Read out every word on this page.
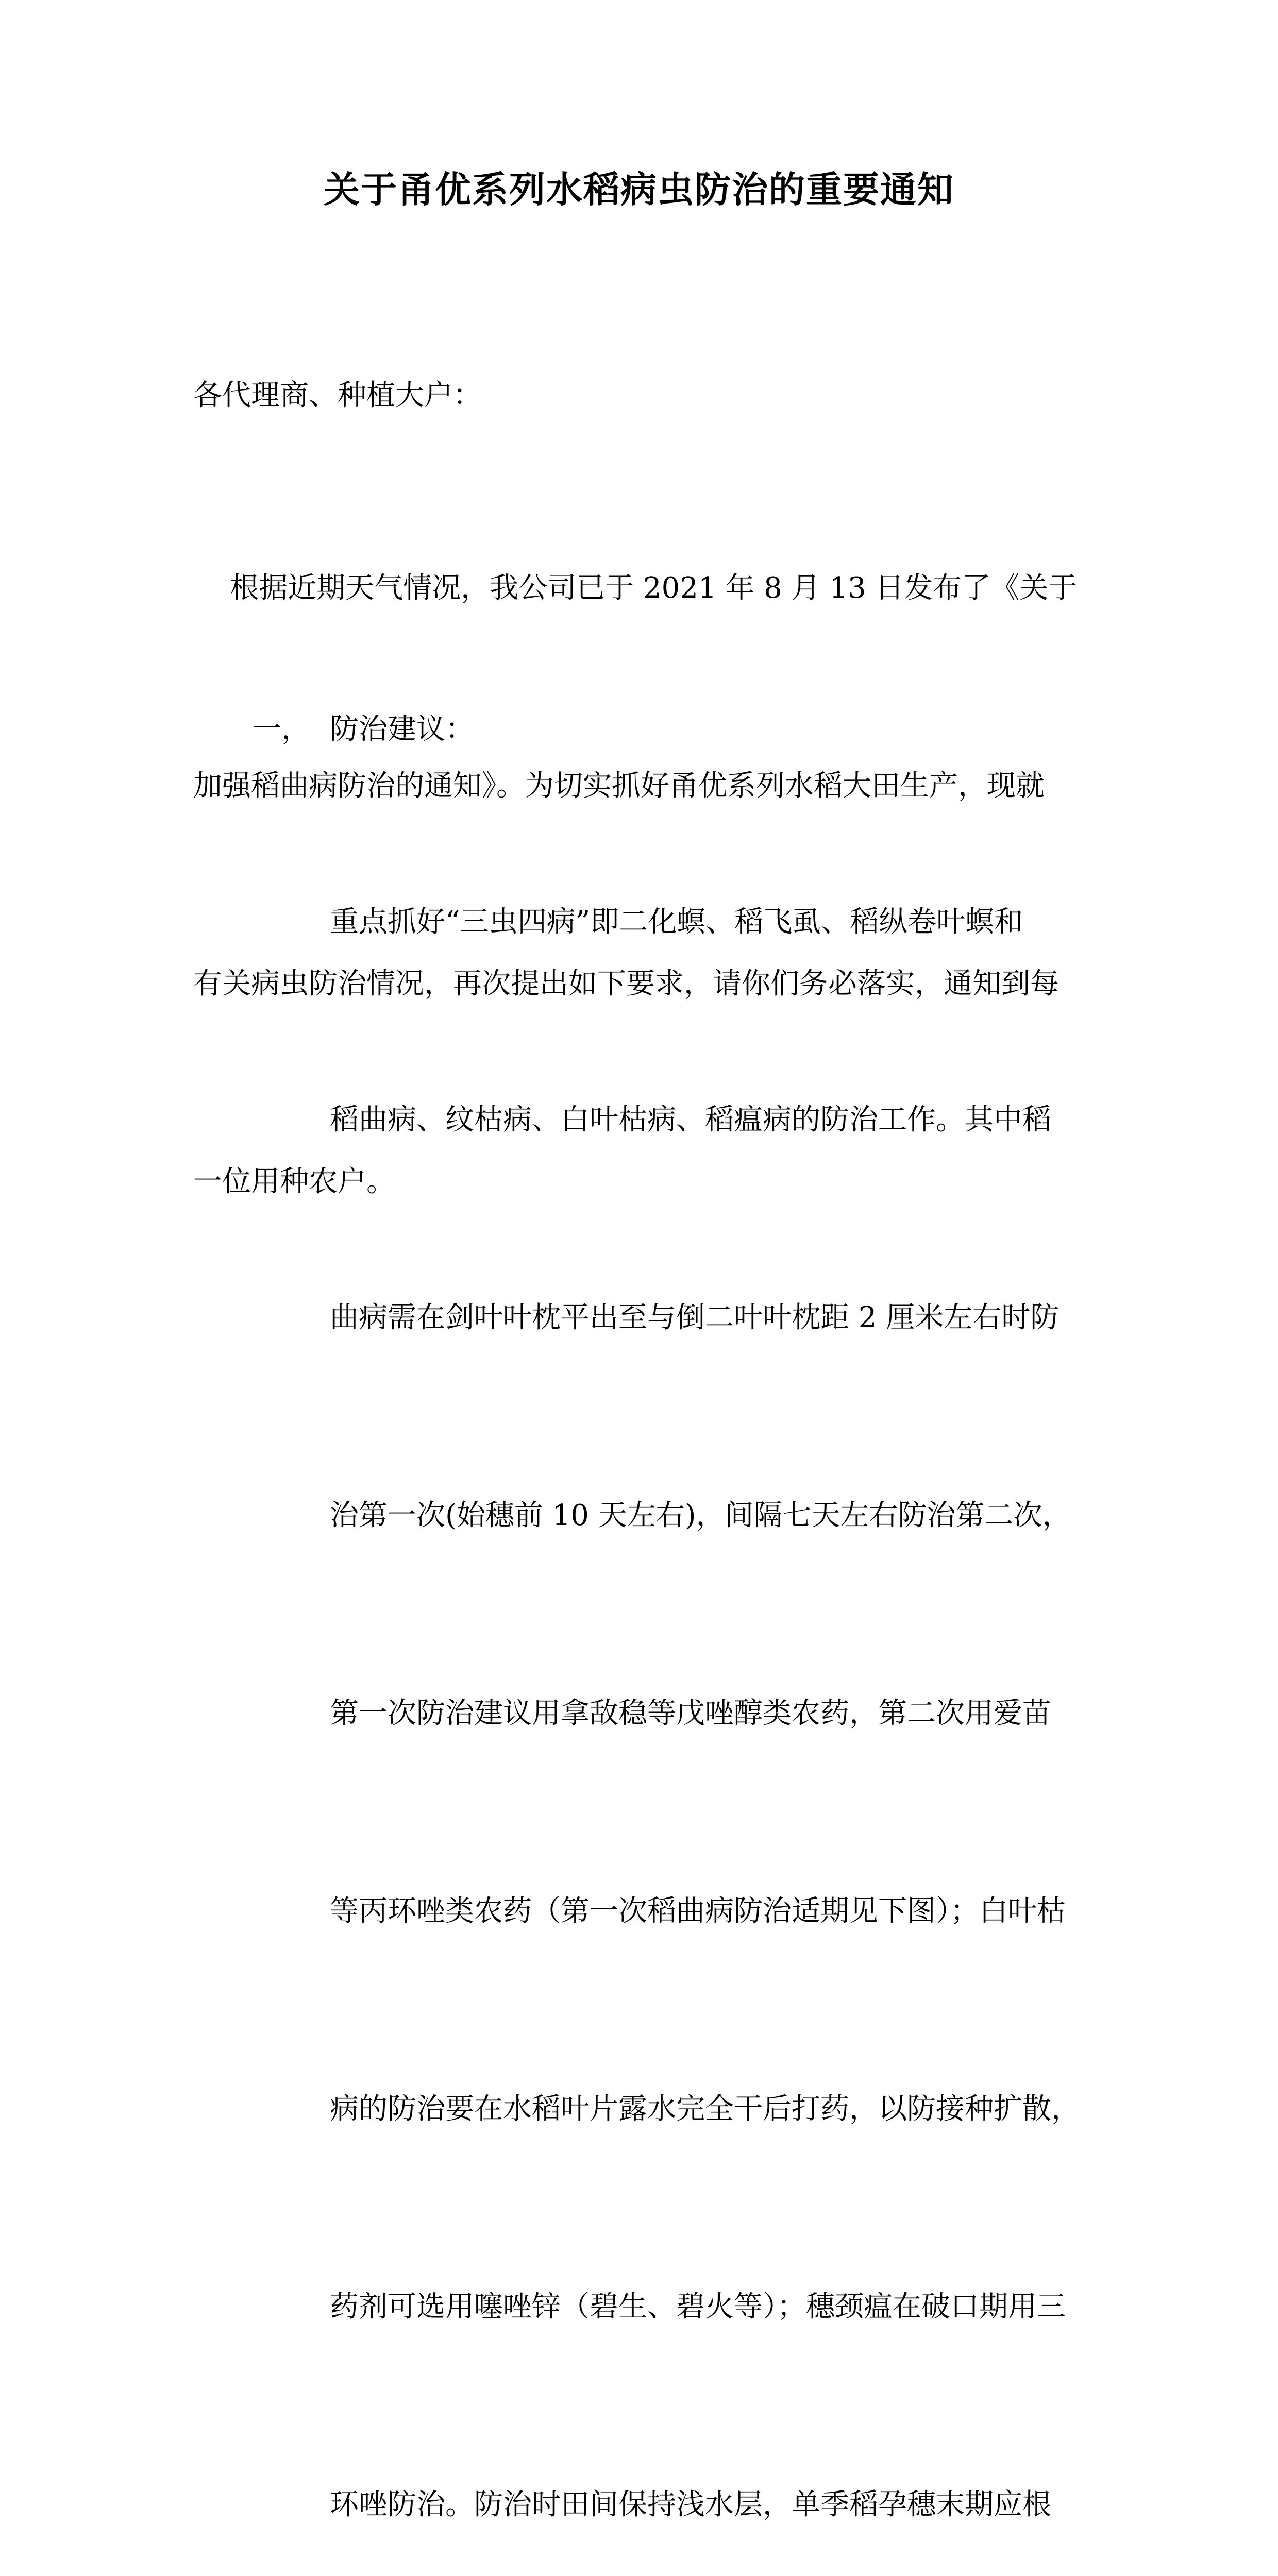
关于甬优系列水稻病虫防治的重要通知

各代理商、种植大户：

根据近期天气情况，我公司已于 2021 年 8 月 13 日发布了《关于

加强稻曲病防治的通知》。为切实抓好甬优系列水稻大田生产，现就

有关病虫防治情况，再次提出如下要求，请你们务必落实，通知到每

一位用种农户。

一， 防治建议：

重点抓好“三虫四病”即二化螟、稻飞虱、稻纵卷叶螟和

稻曲病、纹枯病、白叶枯病、稻瘟病的防治工作。其中稻

曲病需在剑叶叶枕平出至与倒二叶叶枕距 2 厘米左右时防

治第一次(始穗前 10 天左右)，间隔七天左右防治第二次，

第一次防治建议用拿敌稳等戊唑醇类农药，第二次用爱苗

等丙环唑类农药（第一次稻曲病防治适期见下图）；白叶枯

病的防治要在水稻叶片露水完全干后打药，以防接种扩散，

药剂可选用噻唑锌（碧生、碧火等）；穗颈瘟在破口期用三

环唑防治。防治时田间保持浅水层，单季稻孕穗末期应根
